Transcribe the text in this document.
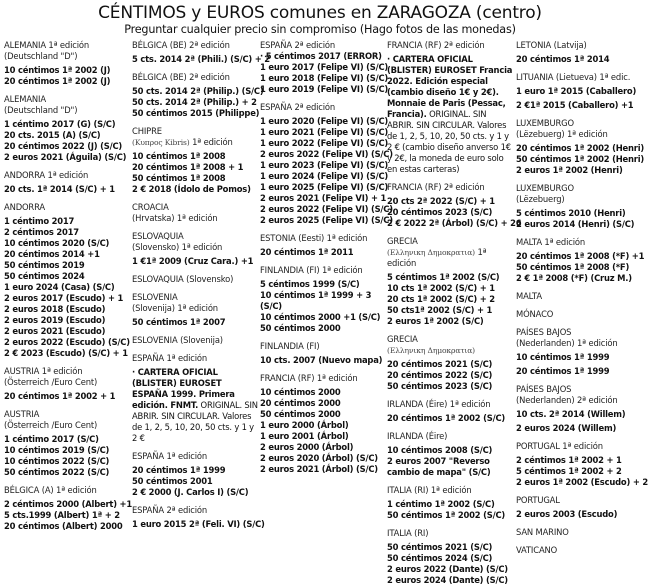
CÉNTIMOS y EUROS comunes en ZARAGOZA (centro)
Preguntar cualquier precio sin compromiso (Hago fotos de las monedas)
ALEMANIA 1ª edición
(Deutschland "D")
10 céntimos 1ª 2002 (J)
20 céntimos 1ª 2002 (J)
ALEMANIA
(Deutschland "D")
1 céntimo 2017 (G) (S/C)
20 cts. 2015 (A) (S/C)
20 céntimos 2022 (J) (S/C)
2 euros 2021 (Águila) (S/C)
ANDORRA 1ª edición
20 cts. 1ª 2014 (S/C) + 1
ANDORRA
1 céntimo 2017
2 céntimos 2017
10 céntimos 2020 (S/C)
20 céntimos 2014 +1
50 céntimos 2019
50 céntimos 2024
1 euro 2024 (Casa) (S/C)
2 euros 2017 (Escudo) + 1
2 euros 2018 (Escudo)
2 euros 2019 (Escudo)
2 euros 2021 (Escudo)
2 euros 2022 (Escudo) (S/C)
2 € 2023 (Escudo) (S/C) + 1
AUSTRIA 1ª edición
(Österreich /Euro Cent)
20 céntimos 1ª 2002 + 1
AUSTRIA
(Österreich /Euro Cent)
1 céntimo 2017 (S/C)
10 céntimos 2019 (S/C)
10 céntimos 2022 (S/C)
50 céntimos 2022 (S/C)
BÉLGICA (A) 1ª edición
2 céntimos 2000 (Albert) +1
5 cts.1999 (Albert) 1ª + 2
20 céntimos (Albert) 2000
BÉLGICA (BE) 2ª edición
5 cts. 2014 2ª (Phili.) (S/C) + 2
BÉLGICA (BE) 2ª edición
50 cts. 2014 2ª (Philip.) (S/C)
50 cts. 2014 2ª (Philip.) + 2
50 céntimos 2015 (Philippe)
CHIPRE
(Κυπρος Kibris) 1ª edición
10 céntimos 1ª 2008
20 céntimos 1ª 2008 + 1
50 céntimos 1ª 2008
2 € 2018 (Ídolo de Pomos)
CROACIA
(Hrvatska) 1ª edición
ESLOVAQUIA
(Slovensko) 1ª edición
1 €1ª 2009 (Cruz Cara.) +1
ESLOVAQUIA (Slovensko)
ESLOVENIA
(Slovenija) 1ª edición
50 céntimos 1ª 2007
ESLOVENIA (Slovenija)
ESPAÑA 1ª edición
· CARTERA OFICIAL (BLISTER) EUROSET ESPAÑA 1999. Primera edición. FNMT. ORIGINAL. SIN ABRIR. SIN CIRCULAR. Valores de 1, 2, 5, 10, 20, 50 cts. y 1 y 2 €
ESPAÑA 1ª edición
20 céntimos 1ª 1999
50 céntimos 2001
2 € 2000 (J. Carlos I) (S/C)
ESPAÑA 2ª edición
1 euro 2015 2ª (Feli. VI) (S/C)
ESPAÑA 2ª edición
· 5 céntimos 2017 (ERROR)
1 euro 2017 (Felipe VI) (S/C)
1 euro 2018 (Felipe VI) (S/C)
1 euro 2019 (Felipe VI) (S/C)
ESPAÑA 2ª edición
1 euro 2020 (Felipe VI) (S/C)
1 euro 2021 (Felipe VI) (S/C)
1 euro 2022 (Felipe VI) (S/C)
2 euros 2022 (Felipe VI) (S/C)
1 euro 2023 (Felipe VI) (S/C)
1 euro 2024 (Felipe VI) (S/C)
1 euro 2025 (Felipe VI) (S/C)
2 euros 2021 (Felipe VI) + 1
2 euros 2022 (Felipe VI) (S/C)
2 euros 2025 (Felipe VI) (S/C)
ESTONIA (Eesti) 1ª edición
20 céntimos 1ª 2011
FINLANDIA (FI) 1ª edición
5 céntimos 1999 (S/C)
10 céntimos 1ª 1999 + 3
(S/C)
10 céntimos 2000 +1 (S/C)
50 céntimos 2000
FINLANDIA (FI)
10 cts. 2007 (Nuevo mapa)
FRANCIA (RF) 1ª edición
10 céntimos 2000
20 céntimos 2000
50 céntimos 2000
1 euro 2000 (Árbol)
1 euro 2001 (Árbol)
2 euros 2000 (Árbol)
2 euros 2020 (Árbol) (S/C)
2 euros 2021 (Árbol) (S/C)
FRANCIA (RF) 2ª edición
· CARTERA OFICIAL (BLISTER) EUROSET Francia 2022. Edición especial (cambio diseño 1€ y 2€). Monnaie de Paris (Pessac, Francia). ORIGINAL. SIN ABRIR. SIN CIRCULAR. Valores de 1, 2, 5, 10, 20, 50 cts. y 1 y 2 € (cambio diseño anverso 1€ y 2€, la moneda de euro solo en estas carteras)
FRANCIA (RF) 2ª edición
20 cts 2ª 2022 (S/C) + 1
20 céntimos 2023 (S/C)
2 € 2022 2ª (Árbol) (S/C) + 26
GRECIA
(Ελληνικη Δημοκρατια) 1ª edición
5 céntimos 1ª 2002 (S/C)
10 cts 1ª 2002 (S/C) + 1
20 cts 1ª 2002 (S/C) + 2
50 cts1ª 2002 (S/C) + 1
2 euros 1ª 2002 (S/C)
GRECIA
(Ελληνικη Δημοκρατια)
20 céntimos 2021 (S/C)
20 céntimos 2022 (S/C)
50 céntimos 2023 (S/C)
IRLANDA (Éire) 1ª edición
20 céntimos 1ª 2002 (S/C)
IRLANDA (Éire)
10 céntimos 2008 (S/C)
2 euros 2007 "Reverso
cambio de mapa" (S/C)
ITALIA (RI) 1ª edición
1 céntimo 1ª 2002 (S/C)
50 céntimos 1ª 2002 (S/C)
ITALIA (RI)
50 céntimos 2021 (S/C)
50 céntimos 2024 (S/C)
2 euros 2022 (Dante) (S/C)
2 euros 2024 (Dante) (S/C)
LETONIA (Latvija)
20 céntimos 1ª 2014
LITUANIA (Lietueva) 1ª edic.
1 euro 1ª 2015 (Caballero)
2 €1ª 2015 (Caballero) +1
LUXEMBURGO
(Lëzebuerg) 1ª edición
20 céntimos 1ª 2002 (Henri)
50 céntimos 1ª 2002 (Henri)
2 euros 1ª 2002 (Henri)
LUXEMBURGO
(Lëzebuerg)
5 céntimos 2010 (Henri)
2 euros 2014 (Henri) (S/C)
MALTA 1ª edición
20 céntimos 1ª 2008 (*F) +1
50 céntimos 1ª 2008 (*F)
2 € 1ª 2008 (*F) (Cruz M.)
MALTA
MÓNACO
PAÍSES BAJOS
(Nederlanden) 1ª edición
10 céntimos 1ª 1999
20 céntimos 1ª 1999
PAÍSES BAJOS
(Nederlanden) 2ª edición
10 cts. 2ª 2014 (Willem)
2 euros 2024 (Willem)
PORTUGAL 1ª edición
2 céntimos 1ª 2002 + 1
5 céntimos 1ª 2002 + 2
2 euros 1ª 2002 (Escudo) + 2
PORTUGAL
2 euros 2003 (Escudo)
SAN MARINO
VATICANO
